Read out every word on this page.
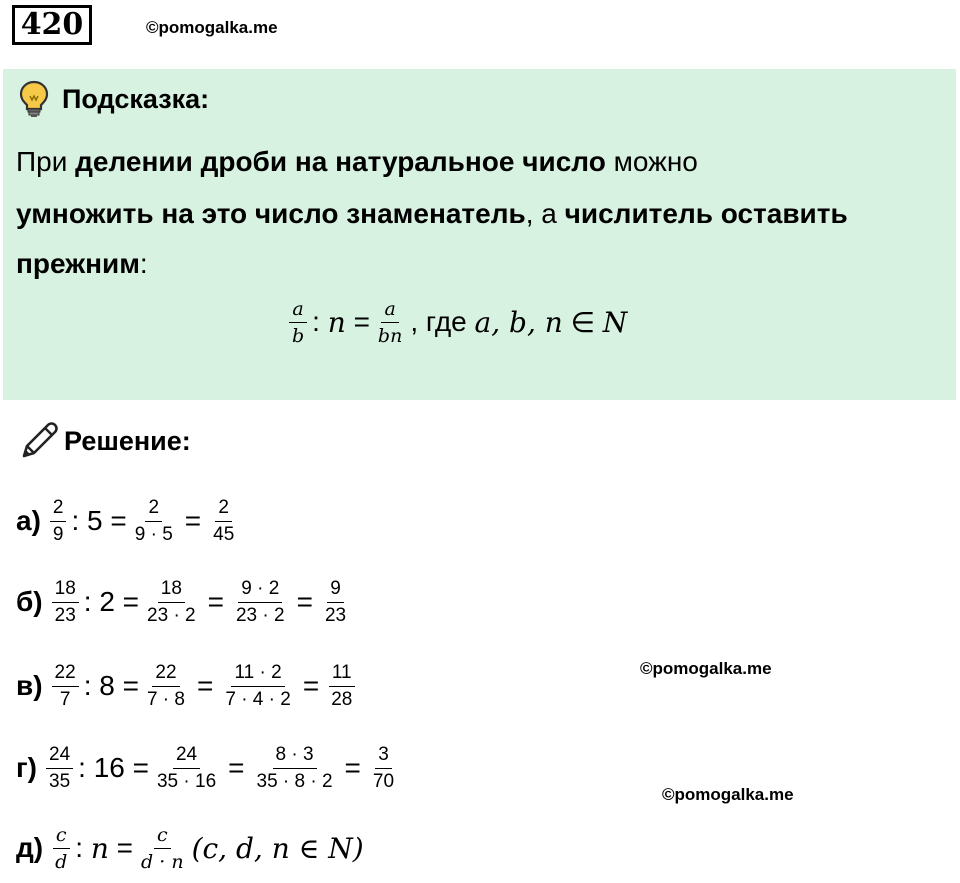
420	©pomogalka.me
Подсказка:
При делении дроби на натуральное число можно
умножить на это число знаменатель, а числитель оставить
прежним:
$\frac{a}{b}$ :
n
= $\frac{a}{bn}$ , где
a, b, n
∈
N
Решение:
$а) \frac{2}{9}$ : $5 = \frac{2}{9 \cdot 5} = \frac{2}{45}$
$б) \frac{18}{23}$ : $2 = \frac{18}{23 \cdot 2} = \frac{9 \cdot 2}{23 \cdot 2} = \frac{9}{23}$
$в) \frac{22}{7}$ : $8 = \frac{22}{7 \cdot 8} = \frac{11 \cdot 2}{7 \cdot 4 \cdot 2} = \frac{11}{28}$
$г) \frac{24}{35}$ : $16 = \frac{24}{35 \cdot 16} = \frac{8 \cdot 3}{35 \cdot 8 \cdot 2} = \frac{3}{70}$
$д) \frac{c}{d}$ :
n
= $\frac{c}{d \cdot n} (c$, d, n ∈ N)
©pomogalka.me
©pomogalka.me
